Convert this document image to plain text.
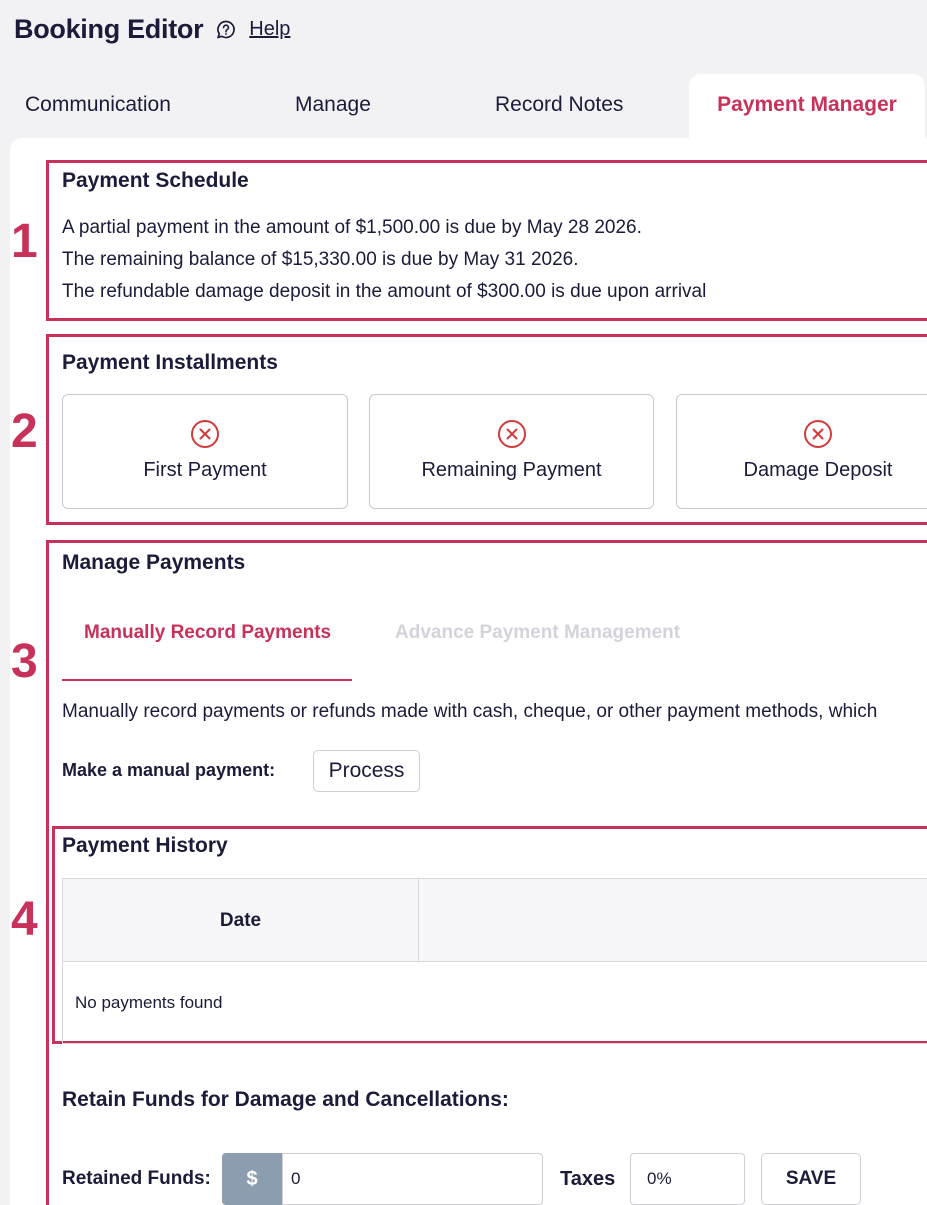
Booking Editor Help
Communication	Manage	Record Notes	Payment Manager
1
2
3
4
Payment Schedule
A partial payment in the amount of $1,500.00 is due by May 28 2026.
The remaining balance of $15,330.00 is due by May 31 2026.
The refundable damage deposit in the amount of $300.00 is due upon arrival
Payment Installments
First Payment	Remaining Payment	Damage Deposit
Manage Payments
Manually Record Payments	Advance Payment Management
Manually record payments or refunds made with cash, cheque, or other payment methods, which
Make a manual payment:	Process
Payment History
Date
No payments found
Retain Funds for Damage and Cancellations:
Retained Funds:	$
0	Taxes
0%	SAVE
